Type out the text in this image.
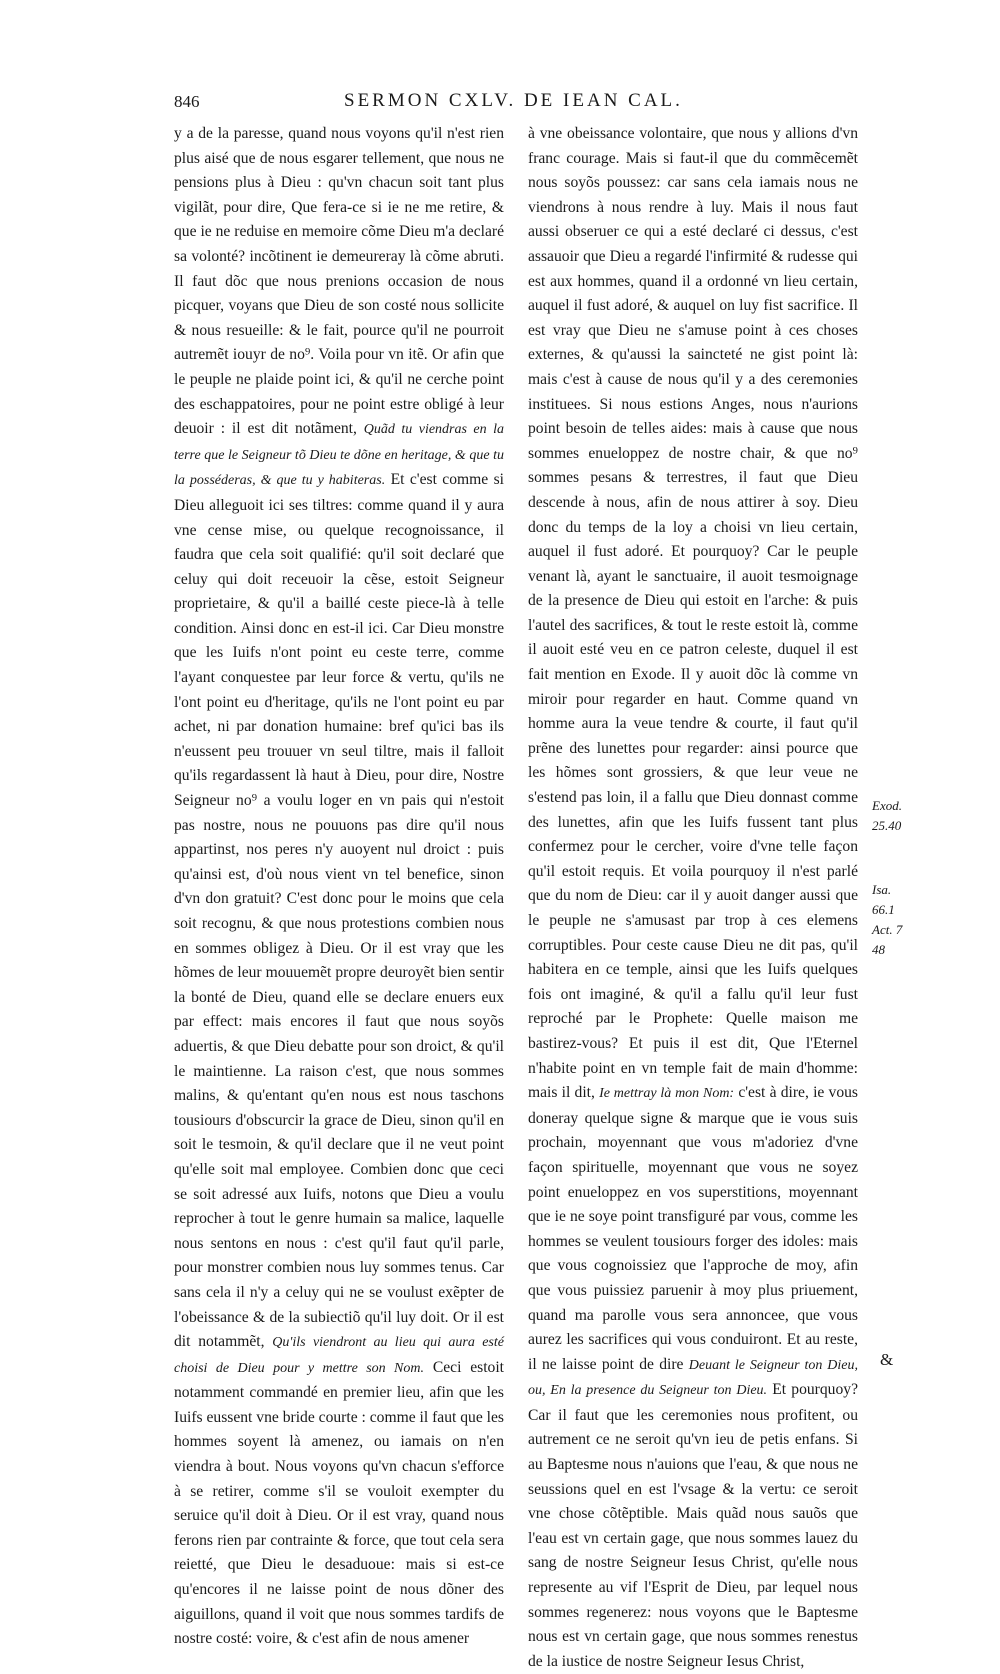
846	SERMON CXLV. DE IEAN CAL.

y a de la paresse, quand nous voyons qu'il n'est rien plus aisé que de nous esgarer tellement, que nous ne pensions plus à Dieu : qu'vn chacun soit tant plus vigilãt, pour dire, Que fera-ce si ie ne me retire, & que ie ne reduise en memoire cõme Dieu m'a declaré sa volonté? incõtinent ie demeureray là cõme abruti. Il faut dõc que nous prenions occasion de nous picquer, voyans que Dieu de son costé nous sollicite & nous resueille: & le fait, pource qu'il ne pourroit autremẽt iouyr de no⁹. Voila pour vn itẽ. Or afin que le peuple ne plaide point ici, & qu'il ne cerche point des eschappatoires, pour ne point estre obligé à leur deuoir : il est dit notãment, Quãd tu viendras en la terre que le Seigneur tõ Dieu te dõne en heritage, & que tu la posséderas, & que tu y habiteras. Et c'est comme si Dieu alleguoit ici ses tiltres: comme quand il y aura vne cense mise, ou quelque recognoissance, il faudra que cela soit qualifié: qu'il soit declaré que celuy qui doit receuoir la cẽse, estoit Seigneur proprietaire, & qu'il a baillé ceste piece-là à telle condition. Ainsi donc en est-il ici. Car Dieu monstre que les Iuifs n'ont point eu ceste terre, comme l'ayant conquestee par leur force & vertu, qu'ils ne l'ont point eu d'heritage, qu'ils ne l'ont point eu par achet, ni par donation humaine: bref qu'ici bas ils n'eussent peu trouuer vn seul tiltre, mais il falloit qu'ils regardassent là haut à Dieu, pour dire, Nostre Seigneur no⁹ a voulu loger en vn pais qui n'estoit pas nostre, nous ne pouuons pas dire qu'il nous appartinst, nos peres n'y auoyent nul droict : puis qu'ainsi est, d'où nous vient vn tel benefice, sinon d'vn don gratuit? C'est donc pour le moins que cela soit recognu, & que nous protestions combien nous en sommes obligez à Dieu. Or il est vray que les hõmes de leur mouuemẽt propre deuroyẽt bien sentir la bonté de Dieu, quand elle se declare enuers eux par effect: mais encores il faut que nous soyõs aduertis, & que Dieu debatte pour son droict, & qu'il le maintienne. La raison c'est, que nous sommes malins, & qu'entant qu'en nous est nous taschons tousiours d'obscurcir la grace de Dieu, sinon qu'il en soit le tesmoin, & qu'il declare que il ne veut point qu'elle soit mal employee. Combien donc que ceci se soit adressé aux Iuifs, notons que Dieu a voulu reprocher à tout le genre humain sa malice, laquelle nous sentons en nous : c'est qu'il faut qu'il parle, pour monstrer combien nous luy sommes tenus. Car sans cela il n'y a celuy qui ne se voulust exẽpter de l'obeissance & de la subiectiõ qu'il luy doit. Or il est dit notammẽt, Qu'ils viendront au lieu qui aura esté choisi de Dieu pour y mettre son Nom. Ceci estoit notamment commandé en premier lieu, afin que les Iuifs eussent vne bride courte : comme il faut que les hommes soyent là amenez, ou iamais on n'en viendra à bout. Nous voyons qu'vn chacun s'efforce à se retirer, comme s'il se vouloit exempter du seruice qu'il doit à Dieu. Or il est vray, quand nous ferons rien par contrainte & force, que tout cela sera reietté, que Dieu le desaduoue: mais si est-ce qu'encores il ne laisse point de nous dõner des aiguillons, quand il voit que nous sommes tardifs de nostre costé: voire, & c'est afin de nous amener

à vne obeissance volontaire, que nous y allions d'vn franc courage. Mais si faut-il que du commẽcemẽt nous soyõs poussez: car sans cela iamais nous ne viendrons à nous rendre à luy. Mais il nous faut aussi obseruer ce qui a esté declaré ci dessus, c'est assauoir que Dieu a regardé l'infirmité & rudesse qui est aux hommes, quand il a ordonné vn lieu certain, auquel il fust adoré, & auquel on luy fist sacrifice. Il est vray que Dieu ne s'amuse point à ces choses externes, & qu'aussi la saincteté ne gist point là: mais c'est à cause de nous qu'il y a des ceremonies instituees. Si nous estions Anges, nous n'aurions point besoin de telles aides: mais à cause que nous sommes enueloppez de nostre chair, & que no⁹ sommes pesans & terrestres, il faut que Dieu descende à nous, afin de nous attirer à soy. Dieu donc du temps de la loy a choisi vn lieu certain, auquel il fust adoré. Et pourquoy? Car le peuple venant là, ayant le sanctuaire, il auoit tesmoignage de la presence de Dieu qui estoit en l'arche: & puis l'autel des sacrifices, & tout le reste estoit là, comme il auoit esté veu en ce patron celeste, duquel il est fait mention en Exode. Il y auoit dõc là comme vn miroir pour regarder en haut. Comme quand vn homme aura la veue tendre & courte, il faut qu'il prẽne des lunettes pour regarder: ainsi pource que les hõmes sont grossiers, & que leur veue ne s'estend pas loin, il a fallu que Dieu donnast comme des lunettes, afin que les Iuifs fussent tant plus confermez pour le cercher, voire d'vne telle façon qu'il estoit requis. Et voila pourquoy il n'est parlé que du nom de Dieu: car il y auoit danger aussi que le peuple ne s'amusast par trop à ces elemens corruptibles. Pour ceste cause Dieu ne dit pas, qu'il habitera en ce temple, ainsi que les Iuifs quelques fois ont imaginé, & qu'il a fallu qu'il leur fust reproché par le Prophete: Quelle maison me bastirez-vous? Et puis il est dit, Que l'Eternel n'habite point en vn temple fait de main d'homme: mais il dit, Ie mettray là mon Nom: c'est à dire, ie vous doneray quelque signe & marque que ie vous suis prochain, moyennant que vous m'adoriez d'vne façon spirituelle, moyennant que vous ne soyez point enueloppez en vos superstitions, moyennant que ie ne soye point transfiguré par vous, comme les hommes se veulent tousiours forger des idoles: mais que vous cognoissiez que l'approche de moy, afin que vous puissiez paruenir à moy plus priuement, quand ma parolle vous sera annoncee, que vous aurez les sacrifices qui vous conduiront. Et au reste, il ne laisse point de dire Deuant le Seigneur ton Dieu, ou, En la presence du Seigneur ton Dieu. Et pourquoy? Car il faut que les ceremonies nous profitent, ou autrement ce ne seroit qu'vn ieu de petis enfans. Si au Baptesme nous n'auions que l'eau, & que nous ne seussions quel en est l'vsage & la vertu: ce seroit vne chose cõtẽptible. Mais quãd nous sauõs que l'eau est vn certain gage, que nous sommes lauez du sang de nostre Seigneur Iesus Christ, qu'elle nous represente au vif l'Esprit de Dieu, par lequel nous sommes regenerez: nous voyons que le Baptesme nous est vn certain gage, que nous sommes renestus de la iustice de nostre Seigneur Iesus Christ,

Exod.
25.40
Isa.
66.1
Act. 7
48
&
